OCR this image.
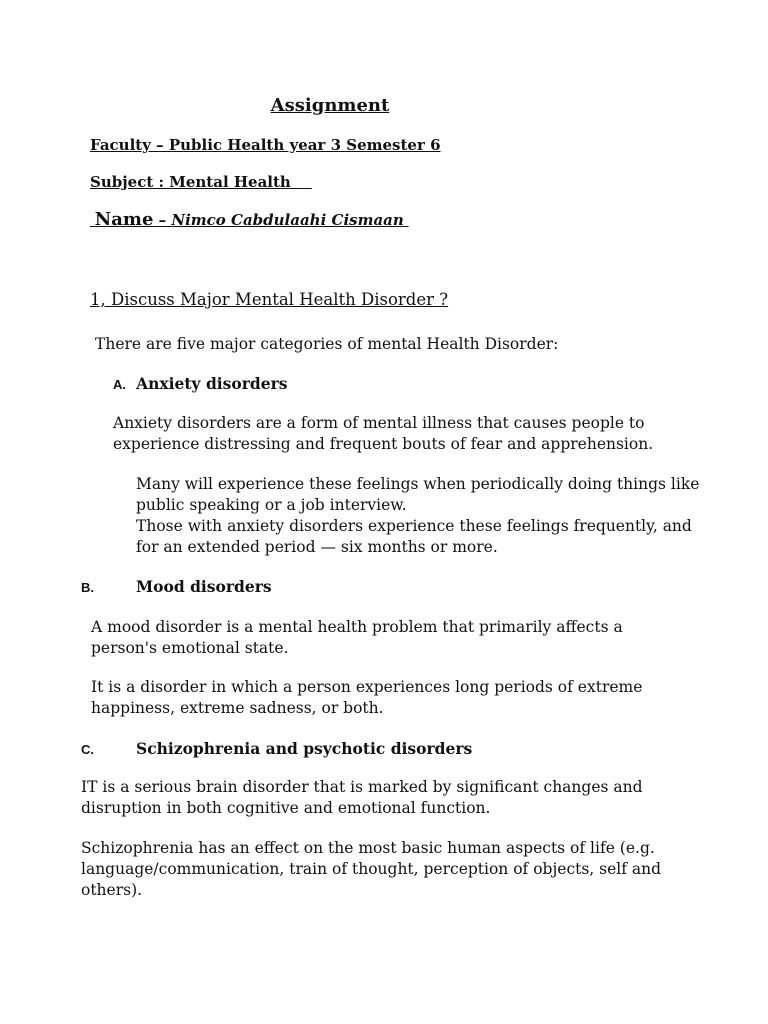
Assignment
Faculty – Public Health year 3 Semester 6
Subject : Mental Health
Name – Nimco Cabdulaahi Cismaan
1, Discuss Major Mental Health Disorder ?
There are five major categories of mental Health Disorder:
A. Anxiety disorders
Anxiety disorders are a form of mental illness that causes people to
experience distressing and frequent bouts of fear and apprehension.
Many will experience these feelings when periodically doing things like
public speaking or a job interview.
Those with anxiety disorders experience these feelings frequently, and
for an extended period — six months or more.
B.	Mood disorders
A mood disorder is a mental health problem that primarily affects a
person's emotional state.
It is a disorder in which a person experiences long periods of extreme
happiness, extreme sadness, or both.
C.	Schizophrenia and psychotic disorders
IT is a serious brain disorder that is marked by significant changes and
disruption in both cognitive and emotional function.
Schizophrenia has an effect on the most basic human aspects of life (e.g.
language/communication, train of thought, perception of objects, self and
others).
